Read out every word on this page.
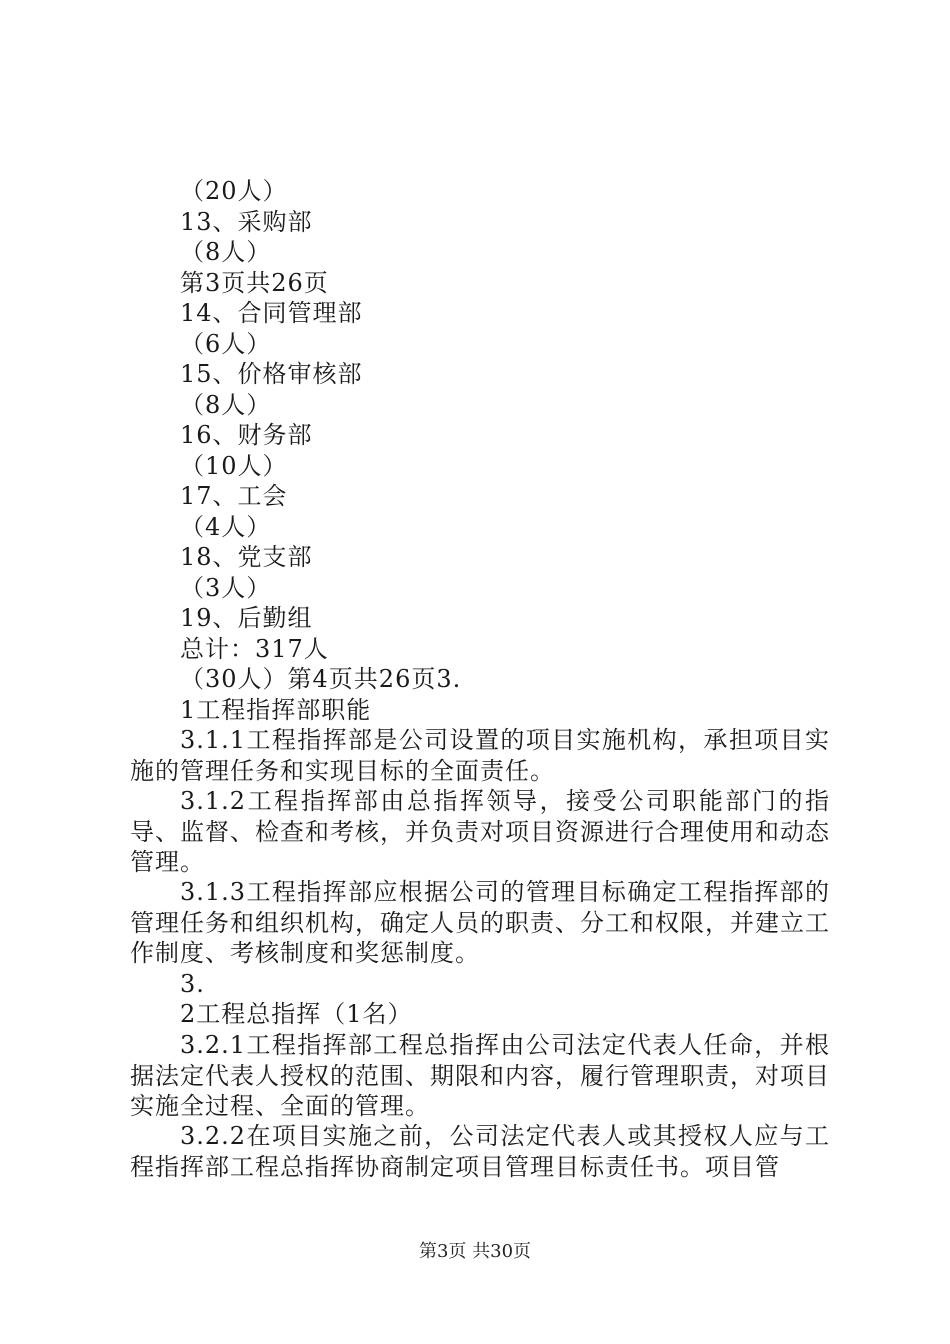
（20人）
13、采购部
（8人）
第3页共26页
14、合同管理部
（6人）
15、价格审核部
（8人）
16、财务部
（10人）
17、工会
（4人）
18、党支部
（3人）
19、后勤组
总计：317人
（30人）第4页共26页3.
1工程指挥部职能
3.1.1工程指挥部是公司设置的项目实施机构，承担项目实施的管理任务和实现目标的全面责任。
3.1.2工程指挥部由总指挥领导，接受公司职能部门的指导、监督、检查和考核，并负责对项目资源进行合理使用和动态管理。
3.1.3工程指挥部应根据公司的管理目标确定工程指挥部的管理任务和组织机构，确定人员的职责、分工和权限，并建立工作制度、考核制度和奖惩制度。
3.
2工程总指挥（1名）
3.2.1工程指挥部工程总指挥由公司法定代表人任命，并根据法定代表人授权的范围、期限和内容，履行管理职责，对项目实施全过程、全面的管理。
3.2.2在项目实施之前，公司法定代表人或其授权人应与工程指挥部工程总指挥协商制定项目管理目标责任书。项目管
第3页 共30页
